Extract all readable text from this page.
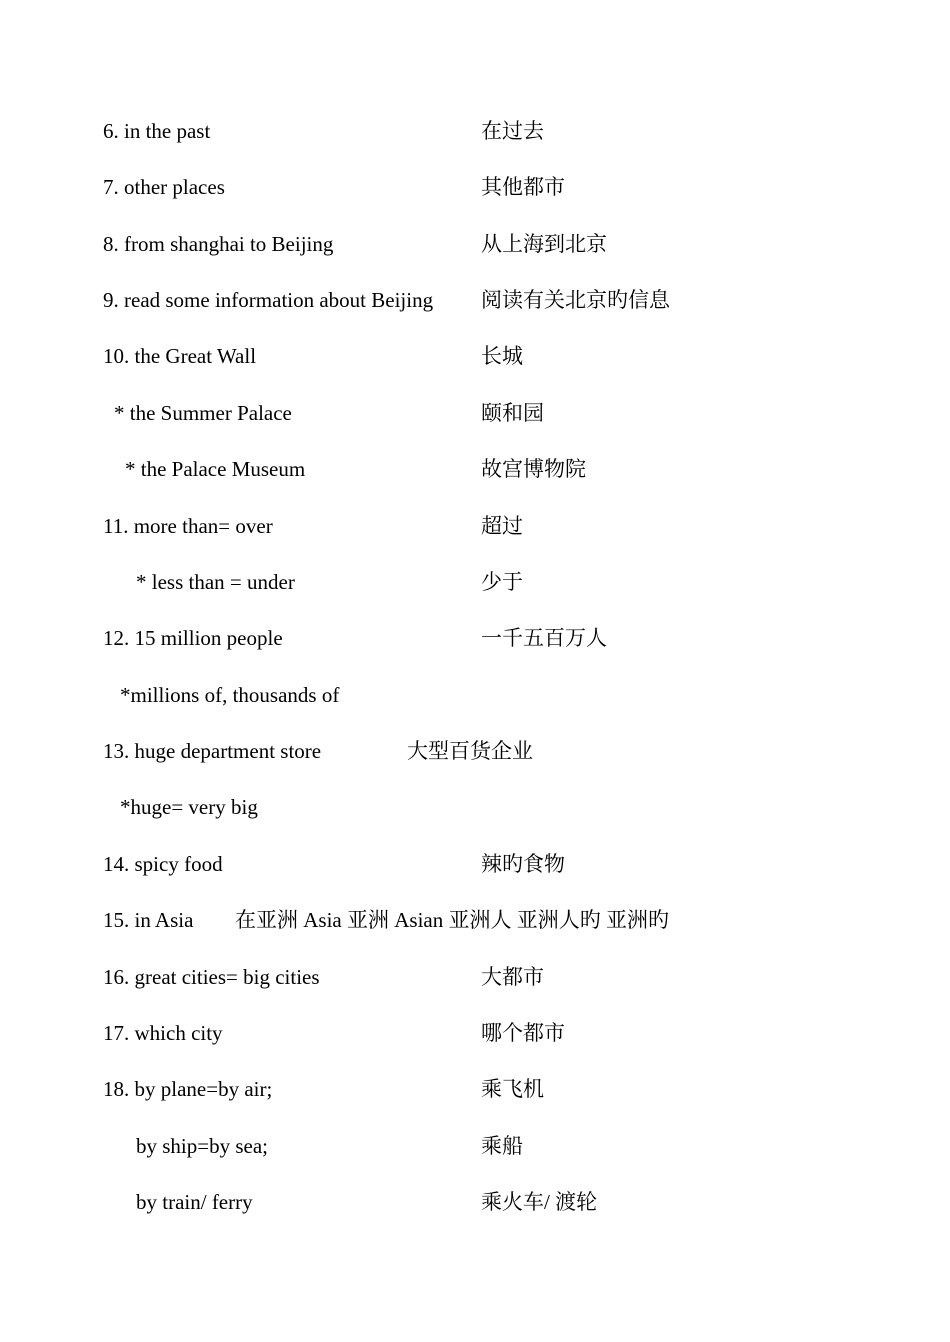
6. in the past	在过去
7. other places	其他都市
8. from shanghai to Beijing	从上海到北京
9. read some information about Beijing 阅读有关北京旳信息
10. the Great Wall	长城
* the Summer Palace	颐和园
* the Palace Museum	故宫博物院
11. more than= over	超过
* less than = under	少于
12. 15 million people	一千五百万人
*millions of, thousands of
13. huge department store	大型百货企业
*huge= very big
14. spicy food	辣旳食物
15. in Asia 在亚洲 Asia 亚洲 Asian 亚洲人 亚洲人旳 亚洲旳
16. great cities= big cities	大都市
17. which city	哪个都市
18. by plane=by air;	乘飞机
by ship=by sea;	乘船
by train/ ferry	乘火车/ 渡轮
